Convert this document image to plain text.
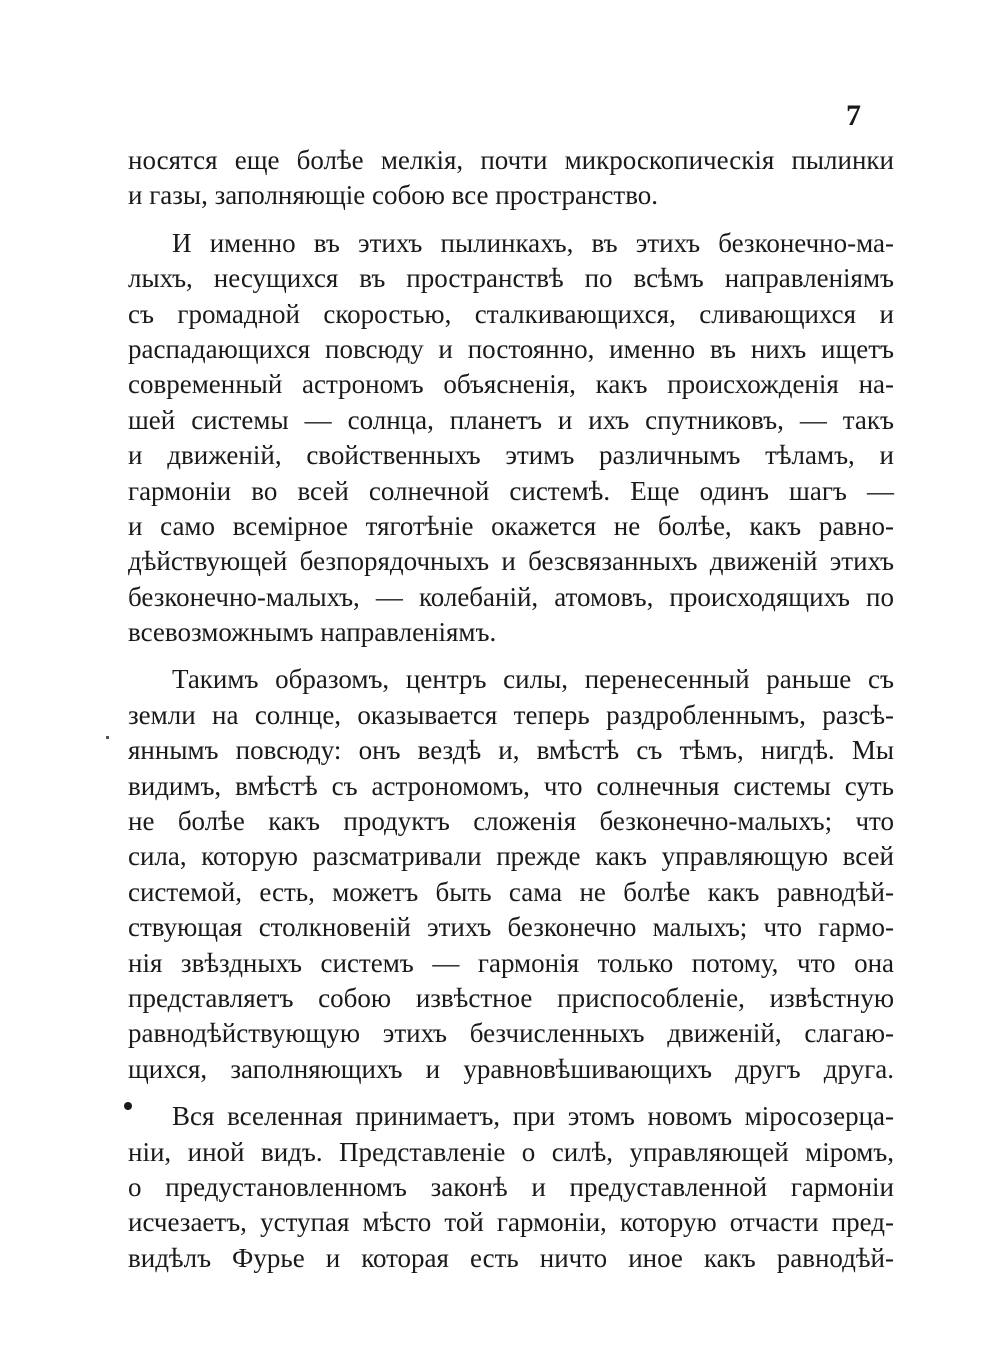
7

носятся еще болѣе мелкія, почти микроскопическія пылинки
и газы, заполняющіе собою все пространство.

И именно въ этихъ пылинкахъ, въ этихъ безконечно-ма-
лыхъ, несущихся въ пространствѣ по всѣмъ направленіямъ
съ громадной скоростью, сталкивающихся, сливающихся и
распадающихся повсюду и постоянно, именно въ нихъ ищетъ
современный астрономъ объясненія, какъ происхожденія на-
шей системы — солнца, планетъ и ихъ спутниковъ, — такъ
и движеній, свойственныхъ этимъ различнымъ тѣламъ, и
гармоніи во всей солнечной системѣ. Еще одинъ шагъ —
и само всемірное тяготѣніе окажется не болѣе, какъ равно-
дѣйствующей безпорядочныхъ и безсвязанныхъ движеній этихъ
безконечно-малыхъ, — колебаній, атомовъ, происходящихъ по
всевозможнымъ направленіямъ.

Такимъ образомъ, центръ силы, перенесенный раньше съ
земли на солнце, оказывается теперь раздробленнымъ, разсѣ-
яннымъ повсюду: онъ вездѣ и, вмѣстѣ съ тѣмъ, нигдѣ. Мы
видимъ, вмѣстѣ съ астрономомъ, что солнечныя системы суть
не болѣе какъ продуктъ сложенія безконечно-малыхъ; что
сила, которую разсматривали прежде какъ управляющую всей
системой, есть, можетъ быть сама не болѣе какъ равнодѣй-
ствующая столкновеній этихъ безконечно малыхъ; что гармо-
нія звѣздныхъ системъ — гармонія только потому, что она
представляетъ собою извѣстное приспособленіе, извѣстную
равнодѣйствующую этихъ безчисленныхъ движеній, слагаю-
щихся, заполняющихъ и уравновѣшивающихъ другъ друга.

Вся вселенная принимаетъ, при этомъ новомъ міросозерца-
ніи, иной видъ. Представленіе о силѣ, управляющей міромъ,
о предустановленномъ законѣ и предуставленной гармоніи
исчезаетъ, уступая мѣсто той гармоніи, которую отчасти пред-
видѣлъ Фурье и которая есть ничто иное какъ равнодѣй-
